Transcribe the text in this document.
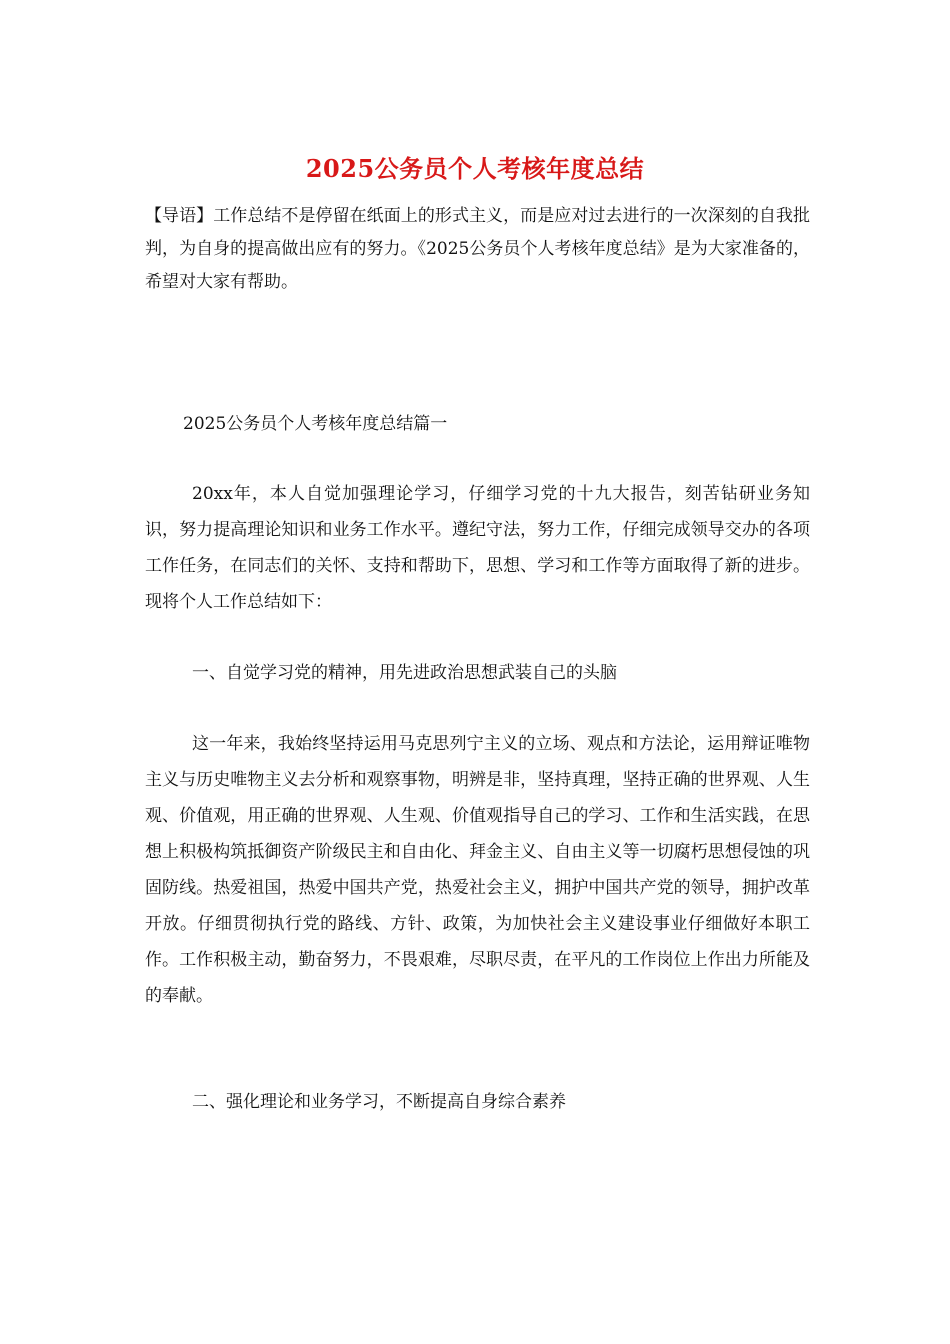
2025公务员个人考核年度总结
【导语】工作总结不是停留在纸面上的形式主义，而是应对过去进行的一次深刻的自我批判，为自身的提高做出应有的努力。《2025公务员个人考核年度总结》是为大家准备的，希望对大家有帮助。
2025公务员个人考核年度总结篇一
20xx年，本人自觉加强理论学习，仔细学习党的十九大报告，刻苦钻研业务知识，努力提高理论知识和业务工作水平。遵纪守法，努力工作，仔细完成领导交办的各项工作任务，在同志们的关怀、支持和帮助下，思想、学习和工作等方面取得了新的进步。现将个人工作总结如下：
一、自觉学习党的精神，用先进政治思想武装自己的头脑
这一年来，我始终坚持运用马克思列宁主义的立场、观点和方法论，运用辩证唯物主义与历史唯物主义去分析和观察事物，明辨是非，坚持真理，坚持正确的世界观、人生观、价值观，用正确的世界观、人生观、价值观指导自己的学习、工作和生活实践，在思想上积极构筑抵御资产阶级民主和自由化、拜金主义、自由主义等一切腐朽思想侵蚀的巩固防线。热爱祖国，热爱中国共产党，热爱社会主义，拥护中国共产党的领导，拥护改革开放。仔细贯彻执行党的路线、方针、政策，为加快社会主义建设事业仔细做好本职工作。工作积极主动，勤奋努力，不畏艰难，尽职尽责，在平凡的工作岗位上作出力所能及的奉献。
二、强化理论和业务学习，不断提高自身综合素养
